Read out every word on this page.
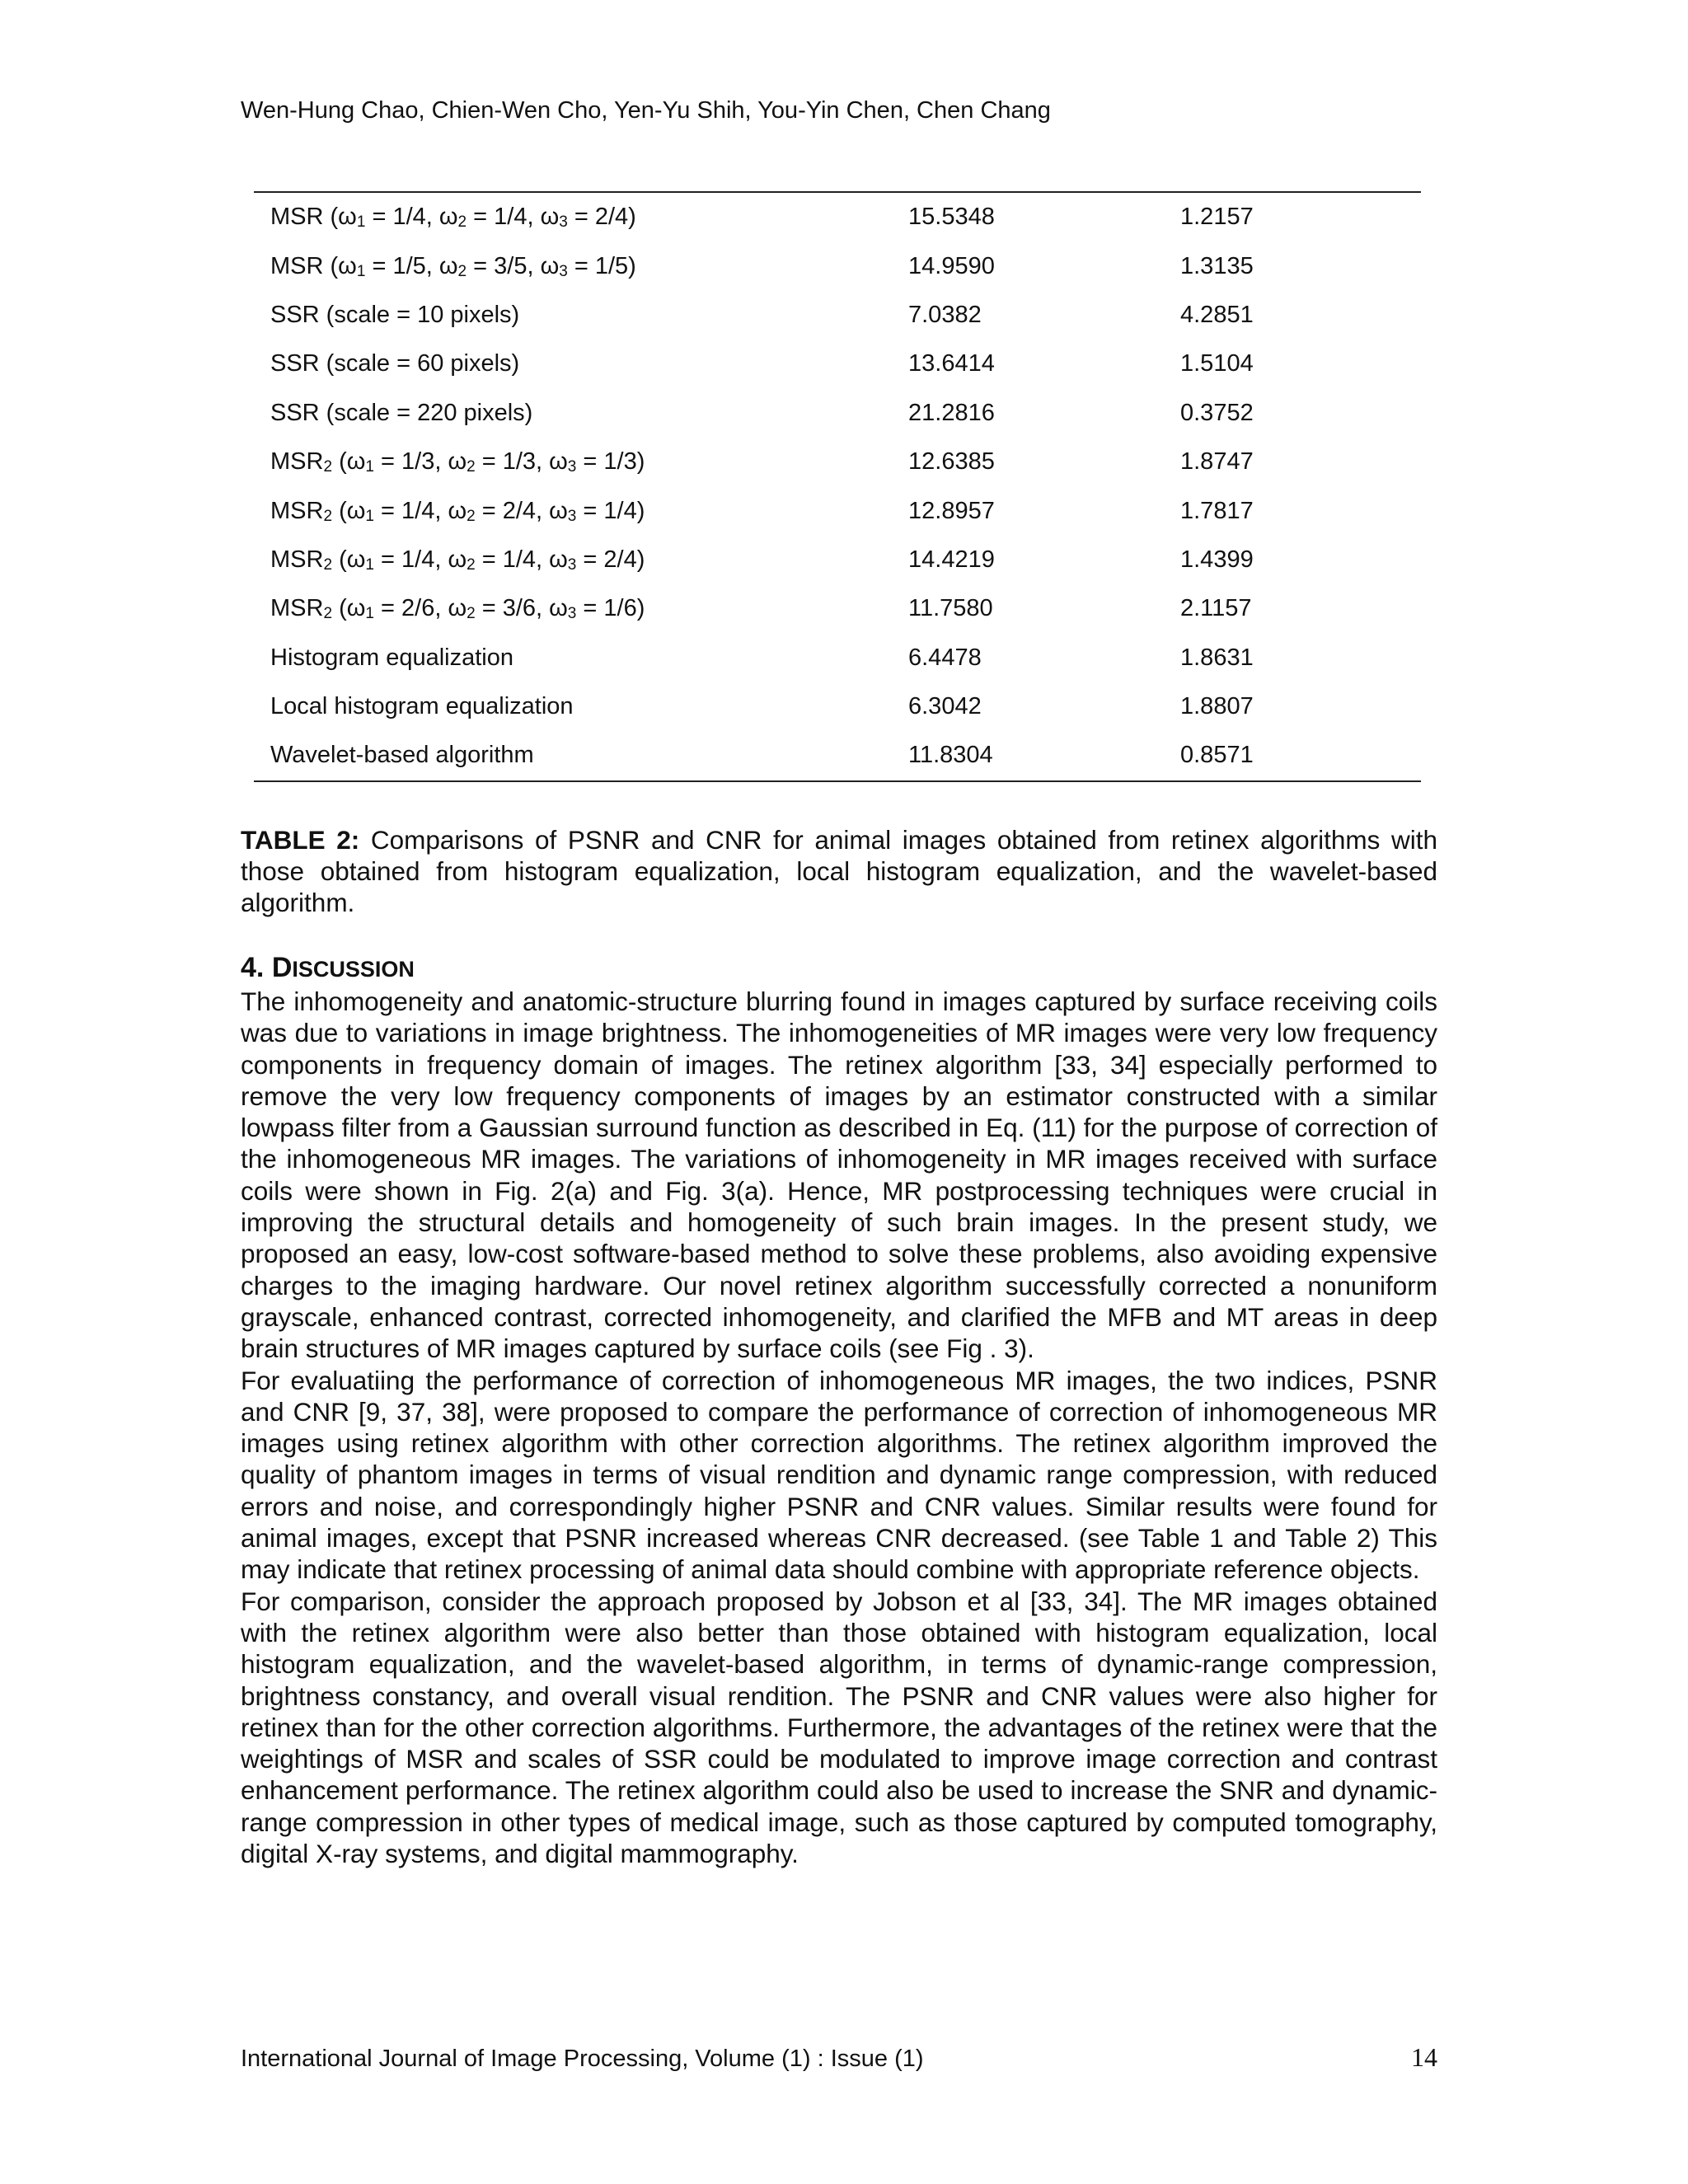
Wen-Hung Chao, Chien-Wen Cho, Yen-Yu Shih, You-Yin Chen, Chen Chang
MSR ($\omega_1 = 1/4$, $\omega_2 = 1/4$, $\omega_3 = 2/4$)	15.5348	1.2157
MSR ($\omega_1 = 1/5$, $\omega_2 = 3/5$, $\omega_3 = 1/5$)	14.9590	1.3135
SSR (scale = 10 pixels)	7.0382	4.2851
SSR (scale = 60 pixels)	13.6414	1.5104
SSR (scale = 220 pixels)	21.2816	0.3752
$MSR_2$ ($\omega_1 = 1/3$, $\omega_2 = 1/3$, $\omega_3 = 1/3$)	12.6385	1.8747
$MSR_2$ ($\omega_1 = 1/4$, $\omega_2 = 2/4$, $\omega_3 = 1/4$)	12.8957	1.7817
$MSR_2$ ($\omega_1 = 1/4$, $\omega_2 = 1/4$, $\omega_3 = 2/4$)	14.4219	1.4399
$MSR_2$ ($\omega_1 = 2/6$, $\omega_2 = 3/6$, $\omega_3 = 1/6$)	11.7580	2.1157
Histogram equalization	6.4478	1.8631
Local histogram equalization	6.3042	1.8807
Wavelet-based algorithm	11.8304	0.8571

TABLE 2: Comparisons of PSNR and CNR for animal images obtained from retinex algorithms with those obtained from histogram equalization, local histogram equalization, and the wavelet-based algorithm.

4. DISCUSSION

The inhomogeneity and anatomic-structure blurring found in images captured by surface receiving coils was due to variations in image brightness. The inhomogeneities of MR images were very low frequency components in frequency domain of images. The retinex algorithm [33, 34] especially performed to remove the very low frequency components of images by an estimator constructed with a similar lowpass filter from a Gaussian surround function as described in Eq. (11) for the purpose of correction of the inhomogeneous MR images. The variations of inhomogeneity in MR images received with surface coils were shown in Fig. 2(a) and Fig. 3(a). Hence, MR postprocessing techniques were crucial in improving the structural details and homogeneity of such brain images. In the present study, we proposed an easy, low-cost software-based method to solve these problems, also avoiding expensive charges to the imaging hardware. Our novel retinex algorithm successfully corrected a nonuniform grayscale, enhanced contrast, corrected inhomogeneity, and clarified the MFB and MT areas in deep brain structures of MR images captured by surface coils (see Fig . 3).

For evaluatiing the performance of correction of inhomogeneous MR images, the two indices, PSNR and CNR [9, 37, 38], were proposed to compare the performance of correction of inhomogeneous MR images using retinex algorithm with other correction algorithms. The retinex algorithm improved the quality of phantom images in terms of visual rendition and dynamic range compression, with reduced errors and noise, and correspondingly higher PSNR and CNR values. Similar results were found for animal images, except that PSNR increased whereas CNR decreased. (see Table 1 and Table 2) This may indicate that retinex processing of animal data should combine with appropriate reference objects.

For comparison, consider the approach proposed by Jobson et al [33, 34]. The MR images obtained with the retinex algorithm were also better than those obtained with histogram equalization, local histogram equalization, and the wavelet-based algorithm, in terms of dynamic-range compression, brightness constancy, and overall visual rendition. The PSNR and CNR values were also higher for retinex than for the other correction algorithms. Furthermore, the advantages of the retinex were that the weightings of MSR and scales of SSR could be modulated to improve image correction and contrast enhancement performance. The retinex algorithm could also be used to increase the SNR and dynamic-range compression in other types of medical image, such as those captured by computed tomography, digital X-ray systems, and digital mammography.

International Journal of Image Processing, Volume (1) : Issue (1)	14
